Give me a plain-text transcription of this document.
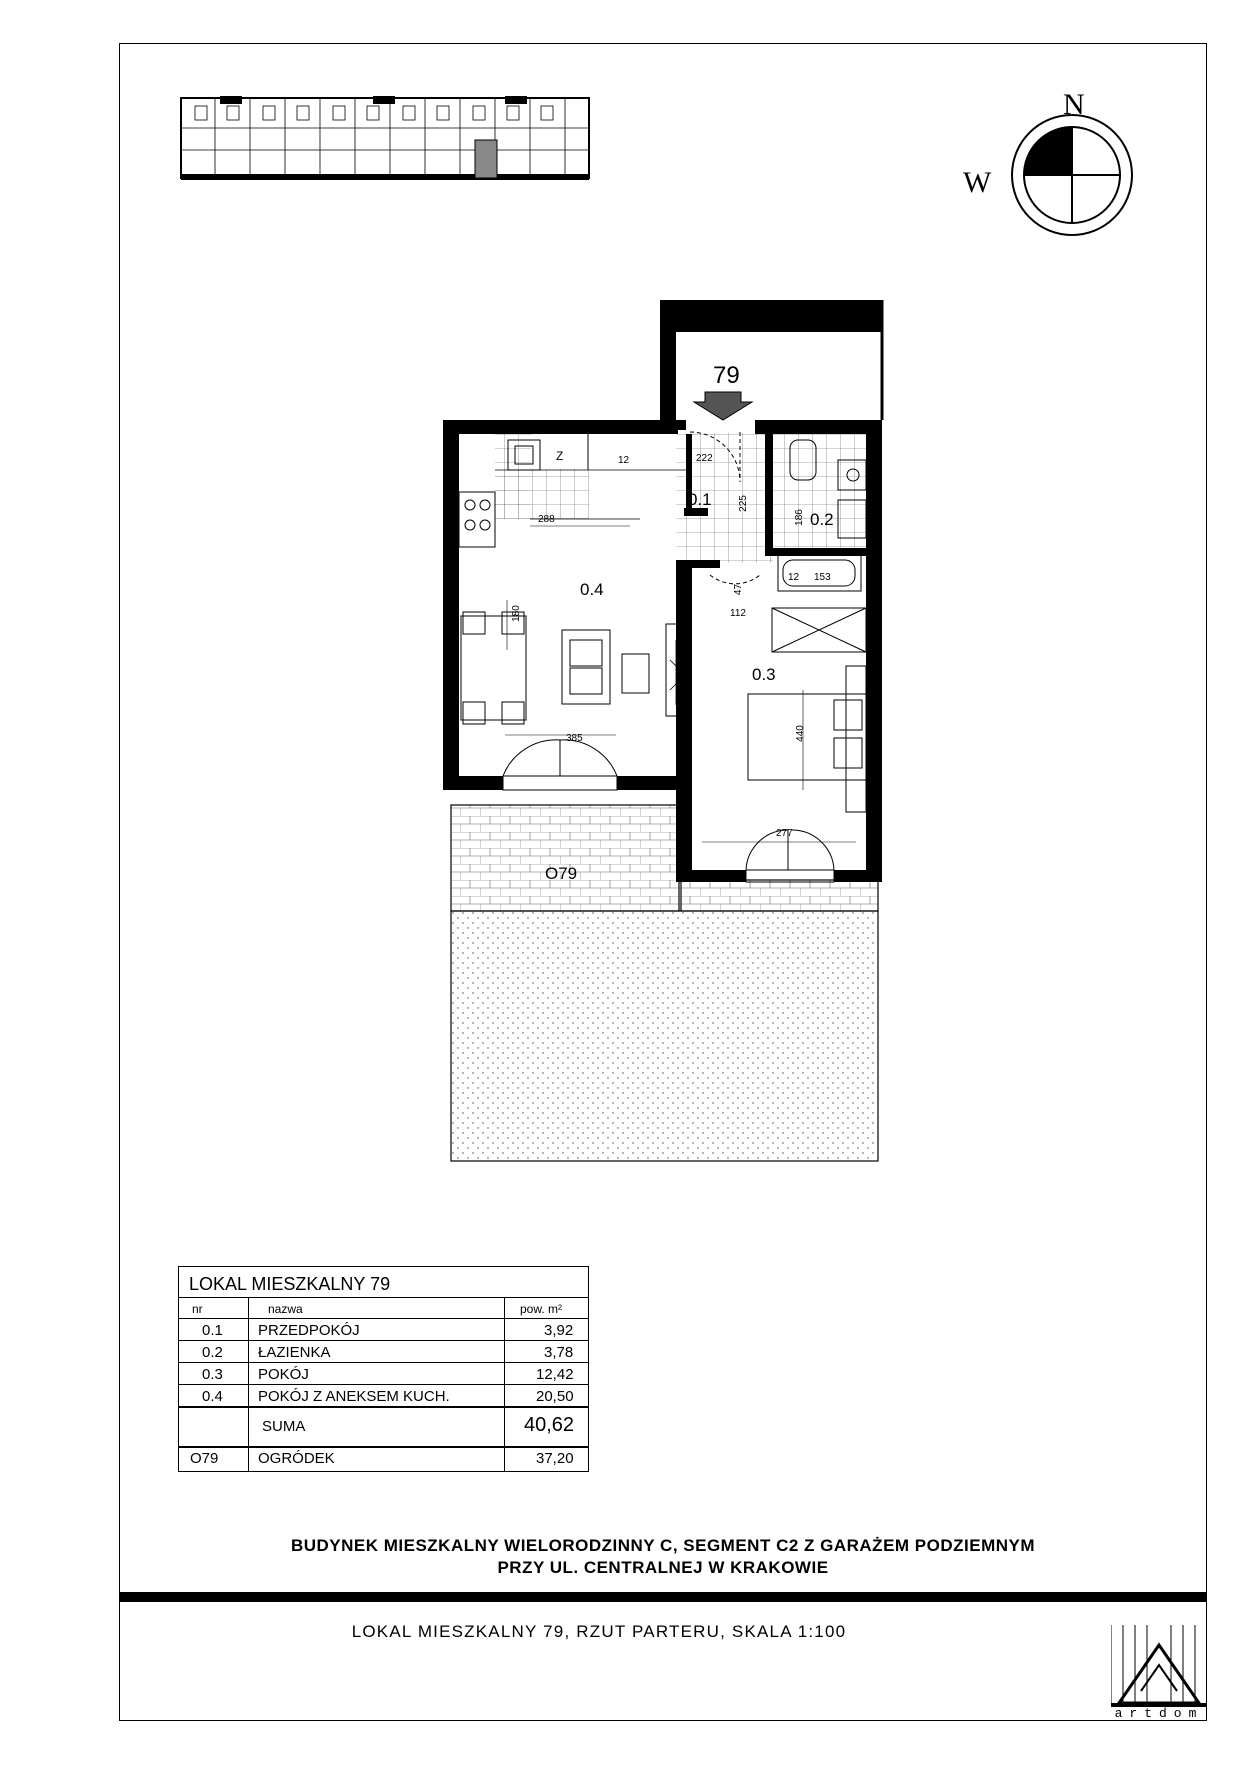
N
W
79
0.1
0.2
0.3
0.4
O79
222
12
288
225
186
12 153
47
112
180
385	440
277
Z
LOKAL MIESZKALNY 79
nr	nazwa	pow. m²
0.1 PRZEDPOKÓJ	3,92
0.2 ŁAZIENKA	3,78
0.3 POKÓJ	12,42
0.4 POKÓJ Z ANEKSEM KUCH.	20,50
SUMA	40,62
O79	OGRÓDEK	37,20
BUDYNEK MIESZKALNY WIELORODZINNY C, SEGMENT C2 Z GARAŻEM PODZIEMNYM
PRZY UL. CENTRALNEJ W KRAKOWIE
LOKAL MIESZKALNY 79, RZUT PARTERU, SKALA 1:100
artdom
